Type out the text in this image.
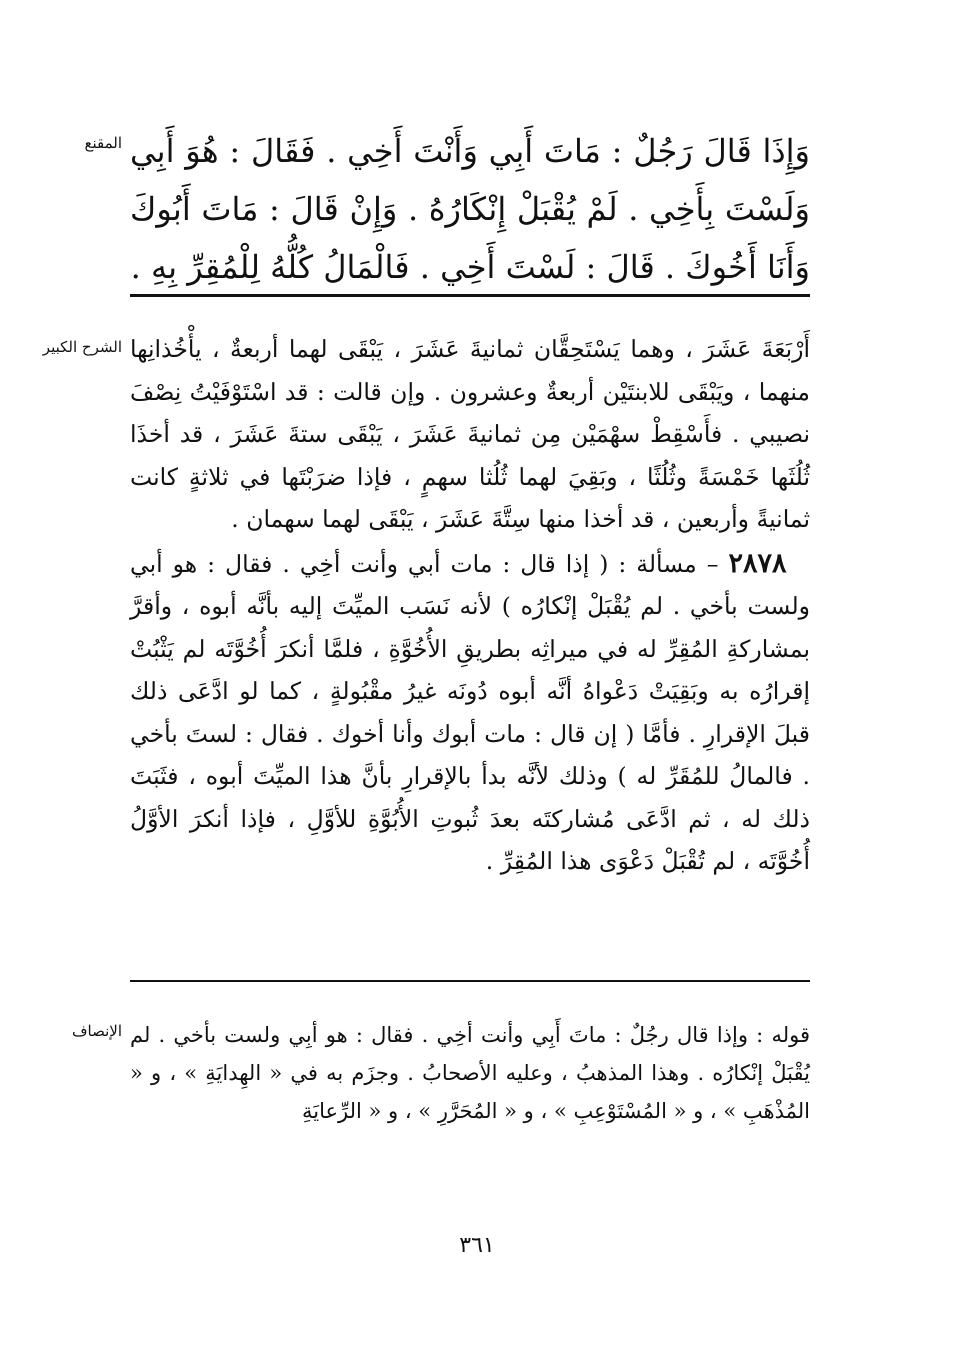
المقنع وَإِذَا قَالَ رَجُلٌ : مَاتَ أَبِي وَأَنْتَ أَخِي . فَقَالَ : هُوَ أَبِي وَلَسْتَ بِأَخِي . لَمْ يُقْبَلْ إِنْكَارُهُ . وَإِنْ قَالَ : مَاتَ أَبُوكَ وَأَنَا أَخُوكَ . قَالَ : لَسْتَ أَخِي . فَالْمَالُ كُلُّهُ لِلْمُقِرِّ بِهِ .

الشرح الكبير أَرْبَعَةَ عَشَرَ ، وهما يَسْتَحِقَّان ثمانيةَ عَشَرَ ، يَبْقَى لهما أربعةٌ ، يأْخُذانِها منهما ، ويَبْقَى للابنتَيْن أربعةٌ وعشرون . وإن قالت : قد اسْتَوْفَيْتُ نِصْفَ نصيبي . فأَسْقِطْ سهْمَيْن مِن ثمانيةَ عَشَرَ ، يَبْقَى ستةَ عَشَرَ ، قد أخذَا ثُلُثَها خَمْسَةً وثُلُثًا ، وبَقِيَ لهما ثُلُثا سهمٍ ، فإذا ضرَبْتَها في ثلاثةٍ كانت ثمانيةً وأربعين ، قد أخذا منها سِتَّةَ عَشَرَ ، يَبْقَى لهما سهمان .

 ٢٨٧٨ – مسألة : ( إذا قال : مات أبي وأنت أخِي . فقال : هو أبي ولست بأخي . لم يُقْبَلْ إنْكارُه ) لأنه نَسَب الميِّتَ إليه بأنَّه أبوه ، وأقرَّ بمشاركةِ المُقِرِّ له في ميراثِه بطريقِ الأُخُوَّةِ ، فلمَّا أنكرَ أُخُوَّتَه لم يَثْبُتْ إقرارُه به وبَقِيَتْ دَعْواهُ أنَّه أبوه دُونَه غيرُ مقْبُولةٍ ، كما لو ادَّعَى ذلك قبلَ الإقرارِ . فأمَّا ( إن قال : مات أبوك وأنا أخوك . فقال : لستَ بأخي . فالمالُ للمُقَرِّ له ) وذلك لأنَّه بدأ بالإقرارِ بأنَّ هذا الميِّتَ أبوه ، فثَبَتَ ذلك له ، ثم ادَّعَى مُشاركتَه بعدَ ثُبوتِ الأُبُوَّةِ للأوَّلِ ، فإذا أنكرَ الأوَّلُ أُخُوَّتَه ، لم تُقْبَلْ دَعْوَى هذا المُقِرِّ .

الإنصاف قوله : وإذا قال رجُلٌ : ماتَ أَبِي وأنت أخِي . فقال : هو أبِي ولست بأخي . لم يُقْبَلْ إنْكارُه . وهذا المذهبُ ، وعليه الأصحابُ . وجزَم به في « الهِدايَةِ » ، و « المُذْهَبِ » ، و « المُسْتَوْعِبِ » ، و « المُحَرَّرِ » ، و « الرِّعايَةِ

٣٦١
